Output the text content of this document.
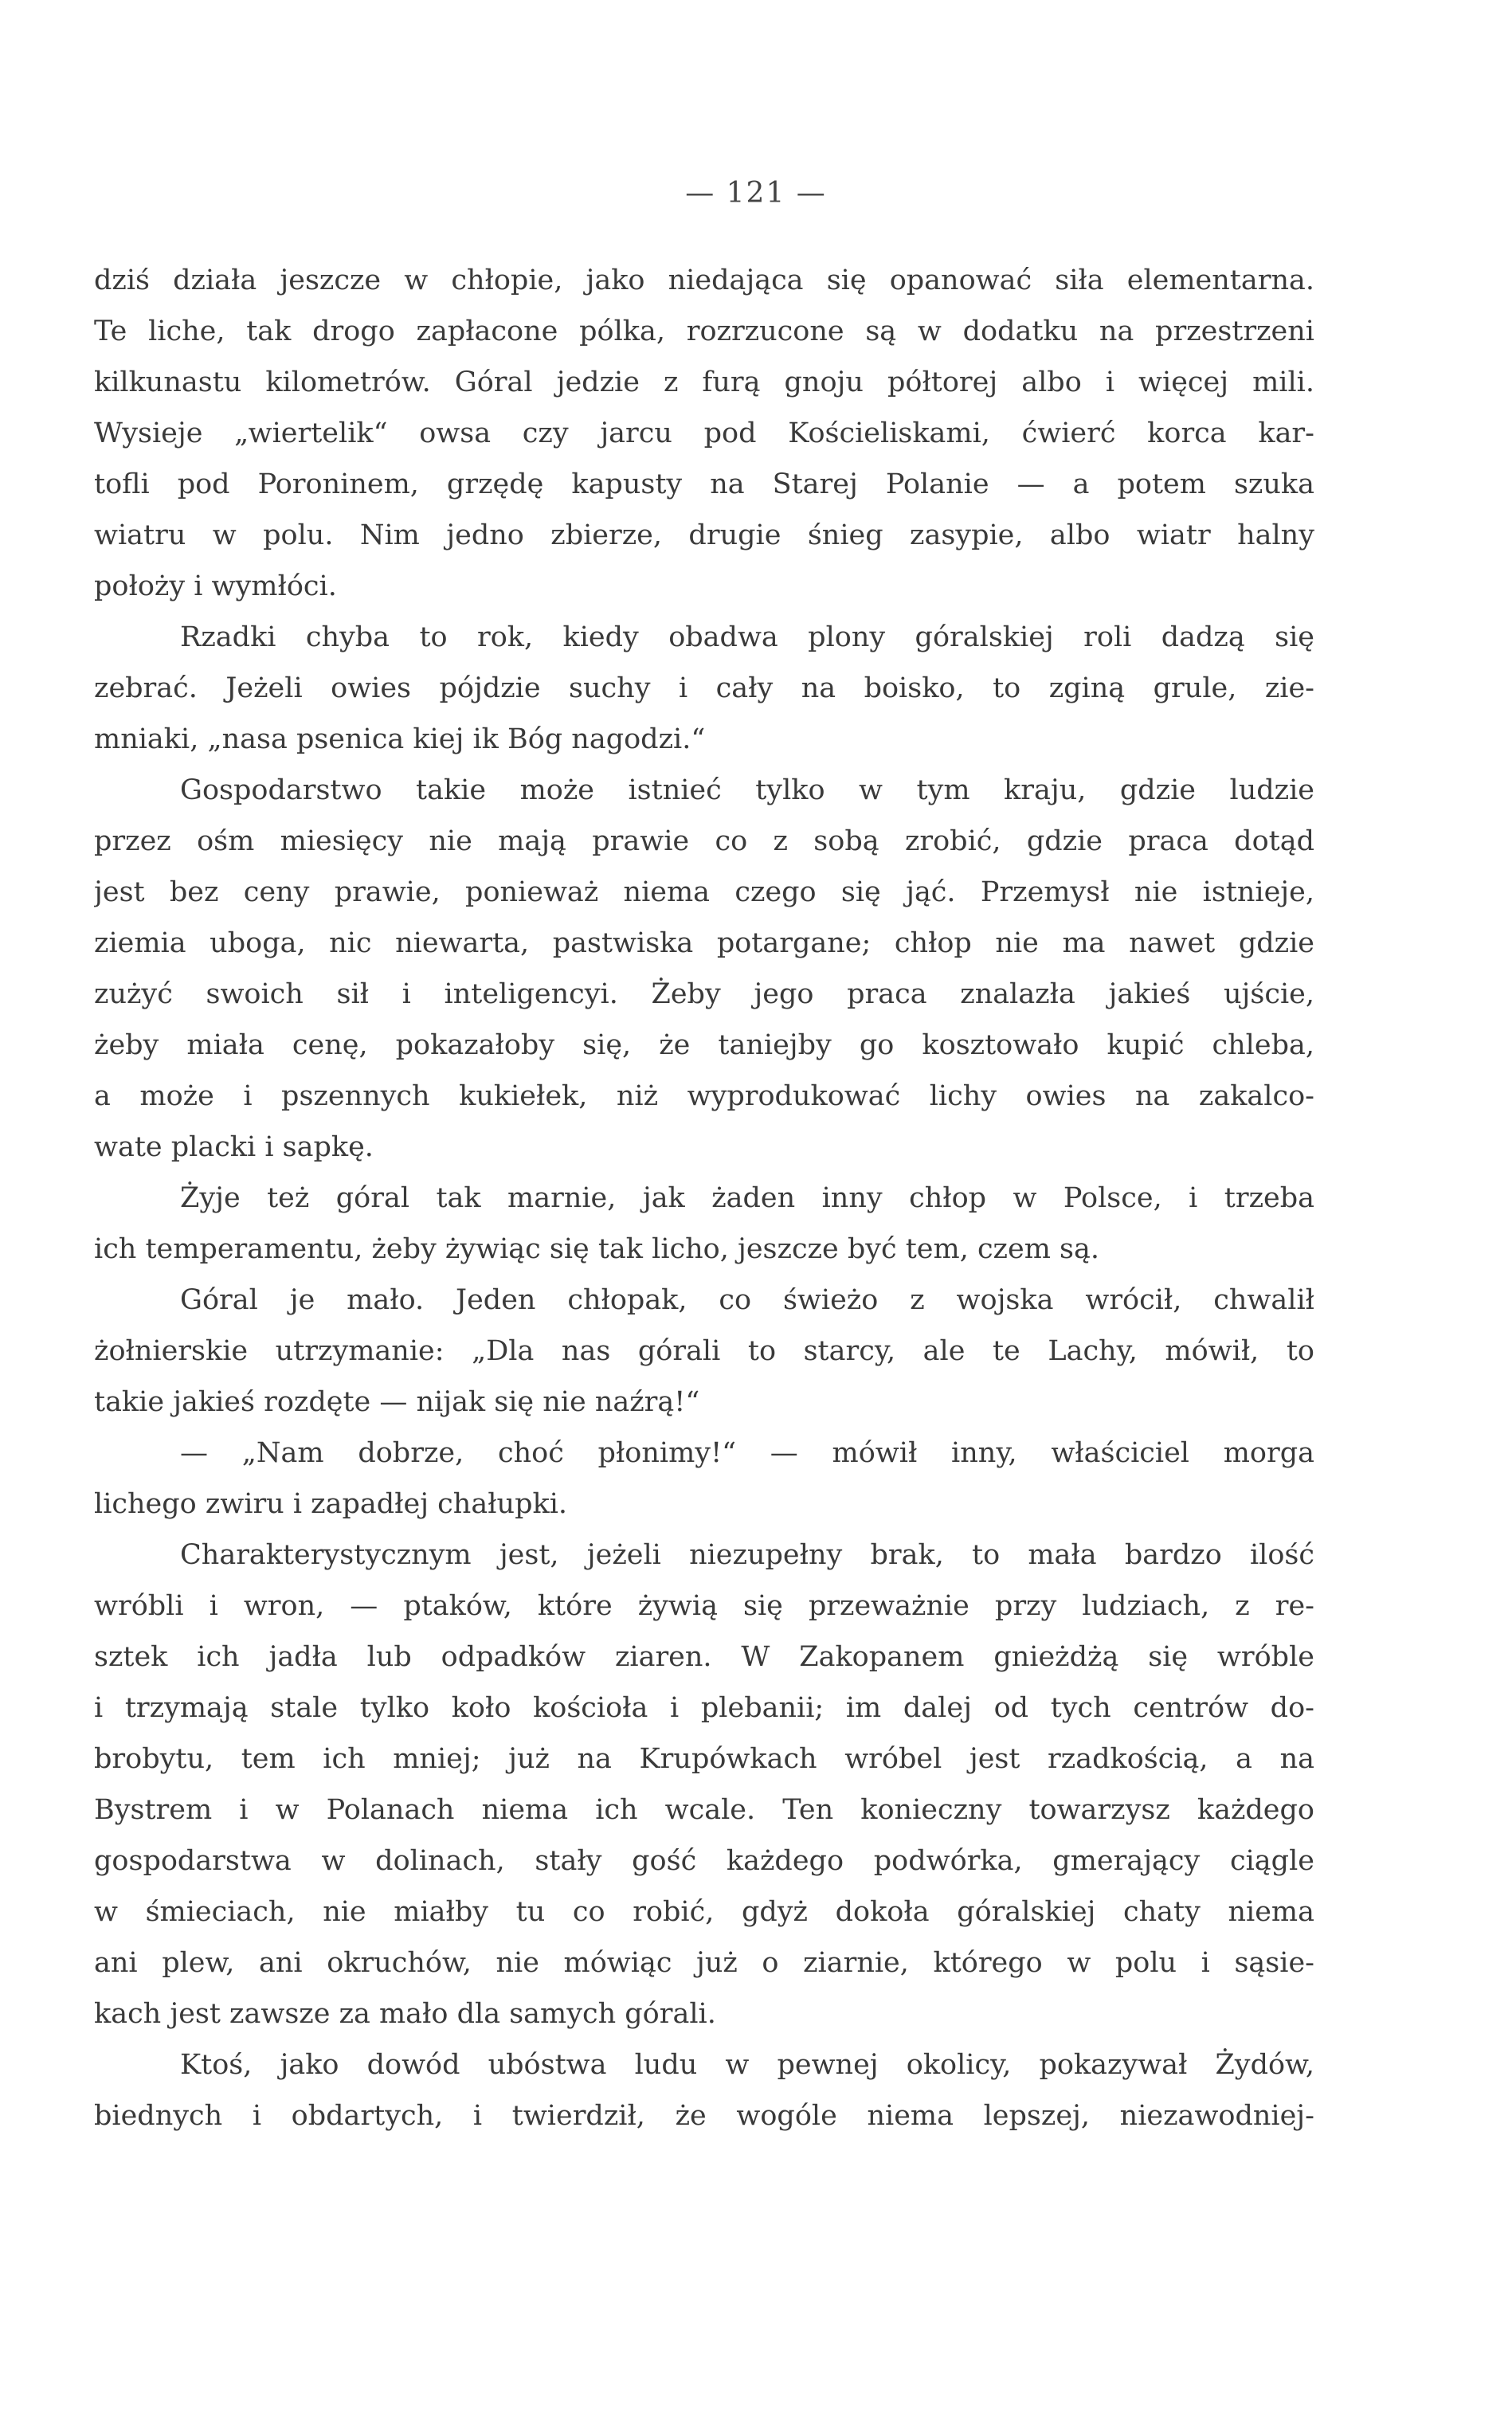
— 121 —
dziś działa jeszcze w chłopie, jako niedająca się opanować siła elementarna.
Te liche, tak drogo zapłacone pólka, rozrzucone są w dodatku na przestrzeni
kilkunastu kilometrów. Góral jedzie z furą gnoju półtorej albo i więcej mili.
Wysieje „wiertelik“ owsa czy jarcu pod Kościeliskami, ćwierć korca kar-
tofli pod Poroninem, grzędę kapusty na Starej Polanie — a potem szuka
wiatru w polu. Nim jedno zbierze, drugie śnieg zasypie, albo wiatr halny
położy i wymłóci.
Rzadki chyba to rok, kiedy obadwa plony góralskiej roli dadzą się
zebrać. Jeżeli owies pójdzie suchy i cały na boisko, to zginą grule, zie-
mniaki, „nasa psenica kiej ik Bóg nagodzi.“
Gospodarstwo takie może istnieć tylko w tym kraju, gdzie ludzie
przez ośm miesięcy nie mają prawie co z sobą zrobić, gdzie praca dotąd
jest bez ceny prawie, ponieważ niema czego się jąć. Przemysł nie istnieje,
ziemia uboga, nic niewarta, pastwiska potargane; chłop nie ma nawet gdzie
zużyć swoich sił i inteligencyi. Żeby jego praca znalazła jakieś ujście,
żeby miała cenę, pokazałoby się, że taniejby go kosztowało kupić chleba,
a może i pszennych kukiełek, niż wyprodukować lichy owies na zakalco-
wate placki i sapkę.
Żyje też góral tak marnie, jak żaden inny chłop w Polsce, i trzeba
ich temperamentu, żeby żywiąc się tak licho, jeszcze być tem, czem są.
Góral je mało. Jeden chłopak, co świeżo z wojska wrócił, chwalił
żołnierskie utrzymanie: „Dla nas górali to starcy, ale te Lachy, mówił, to
takie jakieś rozdęte — nijak się nie naźrą!“
— „Nam dobrze, choć płonimy!“ — mówił inny, właściciel morga
lichego zwiru i zapadłej chałupki.
Charakterystycznym jest, jeżeli niezupełny brak, to mała bardzo ilość
wróbli i wron, — ptaków, które żywią się przeważnie przy ludziach, z re-
sztek ich jadła lub odpadków ziaren. W Zakopanem gnieżdżą się wróble
i trzymają stale tylko koło kościoła i plebanii; im dalej od tych centrów do-
brobytu, tem ich mniej; już na Krupówkach wróbel jest rzadkością, a na
Bystrem i w Polanach niema ich wcale. Ten konieczny towarzysz każdego
gospodarstwa w dolinach, stały gość każdego podwórka, gmerający ciągle
w śmieciach, nie miałby tu co robić, gdyż dokoła góralskiej chaty niema
ani plew, ani okruchów, nie mówiąc już o ziarnie, którego w polu i sąsie-
kach jest zawsze za mało dla samych górali.
Ktoś, jako dowód ubóstwa ludu w pewnej okolicy, pokazywał Żydów,
biednych i obdartych, i twierdził, że wogóle niema lepszej, niezawodniej-
